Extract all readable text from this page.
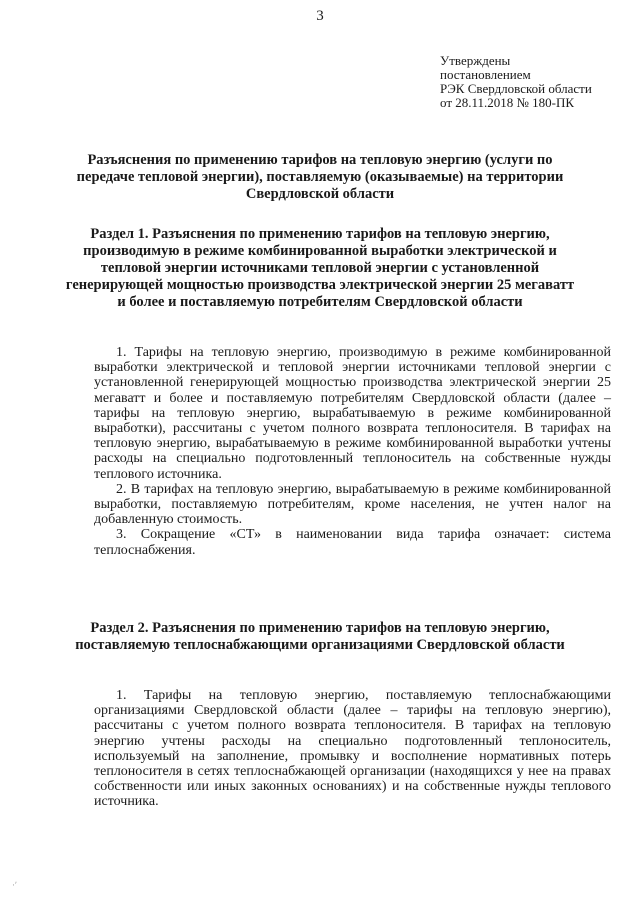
3
Утверждены
постановлением
РЭК Свердловской области
от 28.11.2018 № 180-ПК
Разъяснения по применению тарифов на тепловую энергию (услуги по передаче тепловой энергии), поставляемую (оказываемые) на территории Свердловской области
Раздел 1. Разъяснения по применению тарифов на тепловую энергию, производимую в режиме комбинированной выработки электрической и тепловой энергии источниками тепловой энергии с установленной генерирующей мощностью производства электрической энергии 25 мегаватт и более и поставляемую потребителям Свердловской области

1. Тарифы на тепловую энергию, производимую в режиме комбинированной выработки электрической и тепловой энергии источниками тепловой энергии с установленной генерирующей мощностью производства электрической энергии 25 мегаватт и более и поставляемую потребителям Свердловской области (далее – тарифы на тепловую энергию, вырабатываемую в режиме комбинированной выработки), рассчитаны с учетом полного возврата теплоносителя. В тарифах на тепловую энергию, вырабатываемую в режиме комбинированной выработки учтены расходы на специально подготовленный теплоноситель на собственные нужды теплового источника.

2. В тарифах на тепловую энергию, вырабатываемую в режиме комбинированной выработки, поставляемую потребителям, кроме населения, не учтен налог на добавленную стоимость.

3. Сокращение «СТ» в наименовании вида тарифа означает: система теплоснабжения.

Раздел 2. Разъяснения по применению тарифов на тепловую энергию, поставляемую теплоснабжающими организациями Свердловской области

1. Тарифы на тепловую энергию, поставляемую теплоснабжающими организациями Свердловской области (далее – тарифы на тепловую энергию), рассчитаны с учетом полного возврата теплоносителя. В тарифах на тепловую энергию учтены расходы на специально подготовленный теплоноситель, используемый на заполнение, промывку и восполнение нормативных потерь теплоносителя в сетях теплоснабжающей организации (находящихся у нее на правах собственности или иных законных основаниях) и на собственные нужды теплового источника.

·ʹ
